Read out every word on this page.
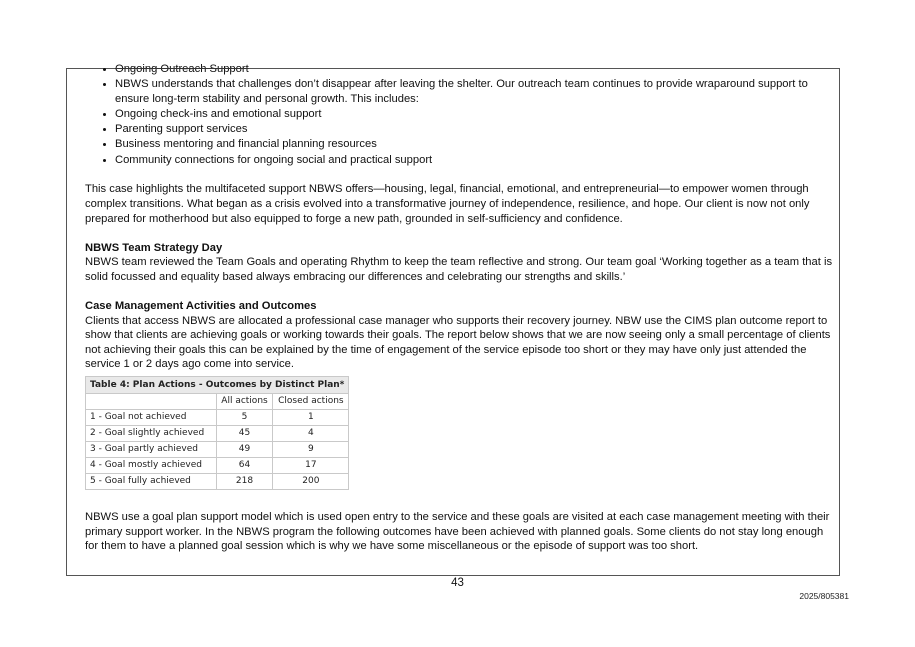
• Ongoing Outreach Support
• NBWS understands that challenges don’t disappear after leaving the shelter. Our outreach team continues to provide wraparound support to ensure long-term stability and personal growth. This includes:
• Ongoing check-ins and emotional support
• Parenting support services
• Business mentoring and financial planning resources
• Community connections for ongoing social and practical support

This case highlights the multifaceted support NBWS offers—housing, legal, financial, emotional, and entrepreneurial—to empower women through complex transitions. What began as a crisis evolved into a transformative journey of independence, resilience, and hope. Our client is now not only prepared for motherhood but also equipped to forge a new path, grounded in self-sufficiency and confidence.

NBWS Team Strategy Day

NBWS team reviewed the Team Goals and operating Rhythm to keep the team reflective and strong. Our team goal ‘Working together as a team that is solid focussed and equality based always embracing our differences and celebrating our strengths and skills.’

Case Management Activities and Outcomes

Clients that access NBWS are allocated a professional case manager who supports their recovery journey. NBW use the CIMS plan outcome report to show that clients are achieving goals or working towards their goals. The report below shows that we are now seeing only a small percentage of clients not achieving their goals this can be explained by the time of engagement of the service episode too short or they may have only just attended the service 1 or 2 days ago come into service.

Table 4: Plan Actions - Outcomes by Distinct Plan*		
	All actions	Closed actions
1 - Goal not achieved	5	1
2 - Goal slightly achieved	45	4
3 - Goal partly achieved	49	9
4 - Goal mostly achieved	64	17
5 - Goal fully achieved	218	200

NBWS use a goal plan support model which is used open entry to the service and these goals are visited at each case management meeting with their primary support worker. In the NBWS program the following outcomes have been achieved with planned goals. Some clients do not stay long enough for them to have a planned goal session which is why we have some miscellaneous or the episode of support was too short.

43
2025/805381
